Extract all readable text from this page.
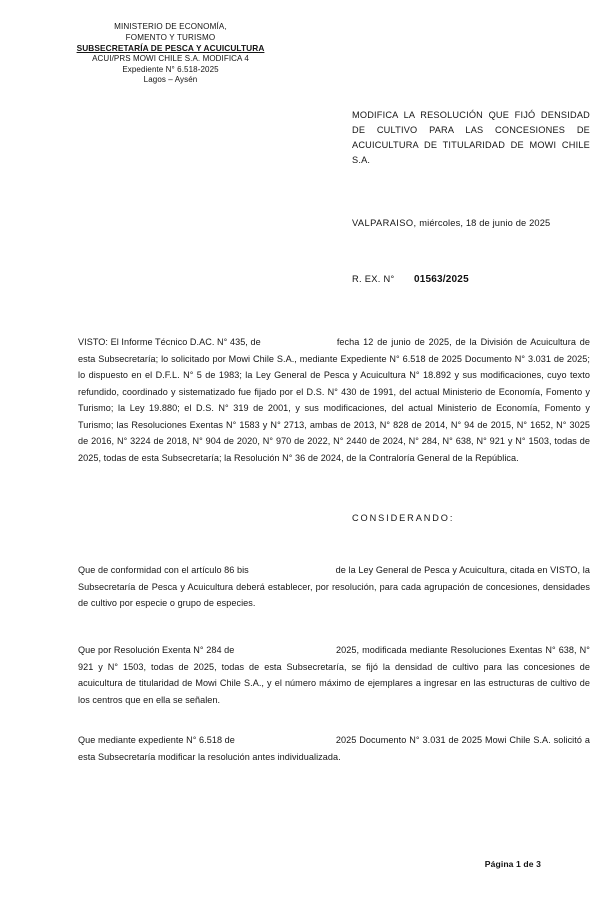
MINISTERIO DE ECONOMÍA,
FOMENTO Y TURISMO
SUBSECRETARÍA DE PESCA Y ACUICULTURA
ACUI/PRS MOWI CHILE S.A. MODIFICA 4
Expediente N° 6.518-2025
Lagos – Aysén
MODIFICA LA RESOLUCIÓN QUE FIJÓ DENSIDAD DE CULTIVO PARA LAS CONCESIONES DE ACUICULTURA DE TITULARIDAD DE MOWI CHILE S.A.
VALPARAISO, miércoles, 18 de junio de 2025
R. EX. N° 01563/2025
VISTO: El Informe Técnico D.AC. N° 435, de	fecha 12 de junio de 2025, de la División de Acuicultura de esta Subsecretaría; lo solicitado por Mowi Chile S.A., mediante Expediente N° 6.518 de 2025 Documento N° 3.031 de 2025; lo dispuesto en el D.F.L. N° 5 de 1983; la Ley General de Pesca y Acuicultura N° 18.892 y sus modificaciones, cuyo texto refundido, coordinado y sistematizado fue fijado por el D.S. N° 430 de 1991, del actual Ministerio de Economía, Fomento y Turismo; la Ley 19.880; el D.S. N° 319 de 2001, y sus modificaciones, del actual Ministerio de Economía, Fomento y Turismo; las Resoluciones Exentas N° 1583 y N° 2713, ambas de 2013, N° 828 de 2014, N° 94 de 2015, N° 1652, N° 3025 de 2016, N° 3224 de 2018, N° 904 de 2020, N° 970 de 2022, N° 2440 de 2024, N° 284, N° 638, N° 921 y N° 1503, todas de 2025, todas de esta Subsecretaría; la Resolución N° 36 de 2024, de la Contraloría General de la República.
CONSIDERANDO:
Que de conformidad con el artículo 86 bis	de la Ley General de Pesca y Acuicultura, citada en VISTO, la Subsecretaría de Pesca y Acuicultura deberá establecer, por resolución, para cada agrupación de concesiones, densidades de cultivo por especie o grupo de especies.
Que por Resolución Exenta N° 284 de	2025, modificada mediante Resoluciones Exentas N° 638, N° 921 y N° 1503, todas de 2025, todas de esta Subsecretaría, se fijó la densidad de cultivo para las concesiones de acuicultura de titularidad de Mowi Chile S.A., y el número máximo de ejemplares a ingresar en las estructuras de cultivo de los centros que en ella se señalen.
Que mediante expediente N° 6.518 de	2025 Documento N° 3.031 de 2025 Mowi Chile S.A. solicitó a esta Subsecretaría modificar la resolución antes individualizada.
Página 1 de 3
